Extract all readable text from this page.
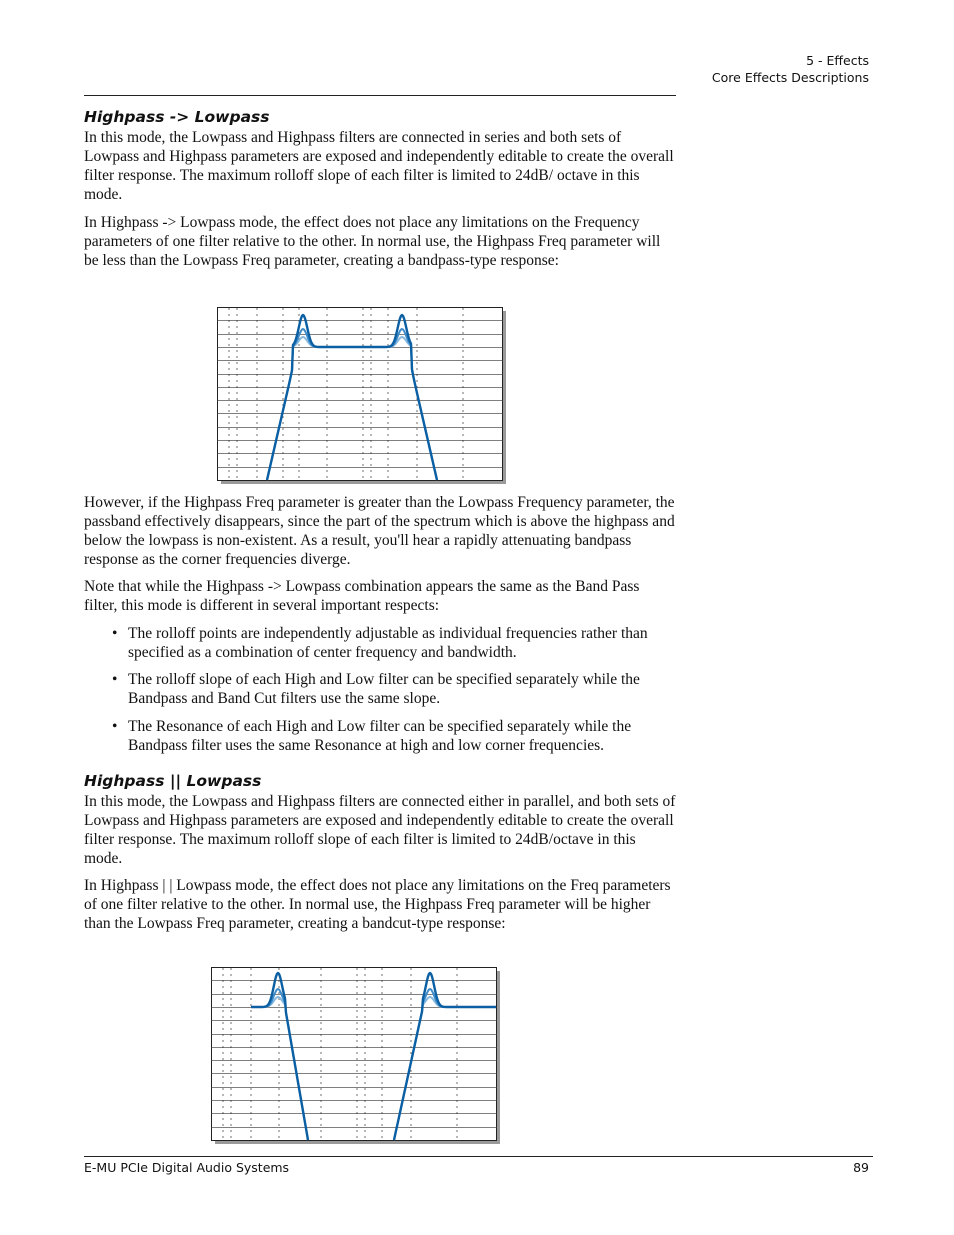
5 - Effects
Core Effects Descriptions
Highpass -> Lowpass

In this mode, the Lowpass and Highpass filters are connected in series and both sets of Lowpass and Highpass parameters are exposed and independently editable to create the overall filter response. The maximum rolloff slope of each filter is limited to 24dB/ octave in this mode.

In Highpass -> Lowpass mode, the effect does not place any limitations on the Frequency parameters of one filter relative to the other. In normal use, the Highpass Freq parameter will be less than the Lowpass Freq parameter, creating a bandpass-type response:

However, if the Highpass Freq parameter is greater than the Lowpass Frequency parameter, the passband effectively disappears, since the part of the spectrum which is above the highpass and below the lowpass is non-existent. As a result, you'll hear a rapidly attenuating bandpass response as the corner frequencies diverge.

Note that while the Highpass -> Lowpass combination appears the same as the Band Pass filter, this mode is different in several important respects:

• The rolloff points are independently adjustable as individual frequencies rather than specified as a combination of center frequency and bandwidth.
• The rolloff slope of each High and Low filter can be specified separately while the Bandpass and Band Cut filters use the same slope.
• The Resonance of each High and Low filter can be specified separately while the Bandpass filter uses the same Resonance at high and low corner frequencies.
Highpass || Lowpass

In this mode, the Lowpass and Highpass filters are connected either in parallel, and both sets of Lowpass and Highpass parameters are exposed and independently editable to create the overall filter response. The maximum rolloff slope of each filter is limited to 24dB/octave in this mode.

In Highpass | | Lowpass mode, the effect does not place any limitations on the Freq parameters of one filter relative to the other. In normal use, the Highpass Freq parameter will be higher than the Lowpass Freq parameter, creating a bandcut-type response:

E-MU PCIe Digital Audio Systems	89
